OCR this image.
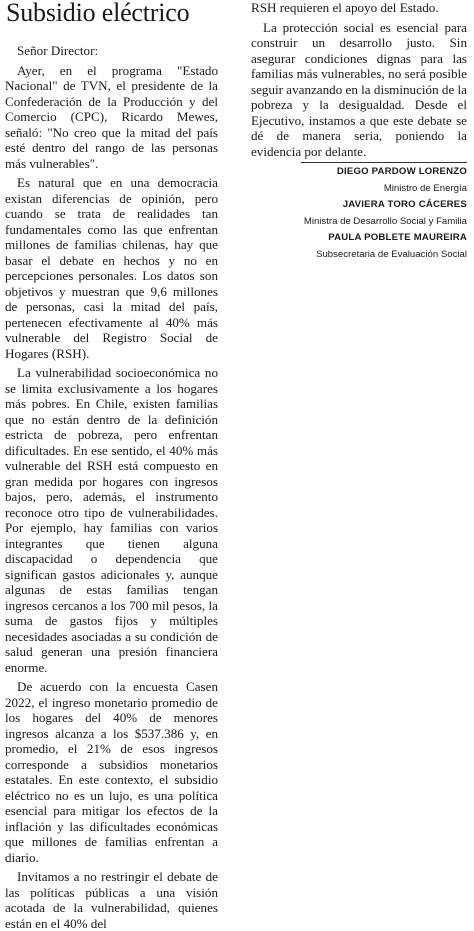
Subsidio eléctrico

Señor Director:

Ayer, en el programa "Estado Nacional" de TVN, el presidente de la Confederación de la Producción y del Comercio (CPC), Ricardo Mewes, señaló: "No creo que la mitad del país esté dentro del rango de las personas más vulnerables".

Es natural que en una democracia existan diferencias de opinión, pero cuando se trata de realidades tan fundamentales como las que enfrentan millones de familias chilenas, hay que basar el debate en hechos y no en percepciones personales. Los datos son objetivos y muestran que 9,6 millones de personas, casi la mitad del país, pertenecen efectivamente al 40% más vulnerable del Registro Social de Hogares (RSH).

La vulnerabilidad socioeconómica no se limita exclusivamente a los hogares más pobres. En Chile, existen familias que no están dentro de la definición estricta de pobreza, pero enfrentan dificultades. En ese sentido, el 40% más vulnerable del RSH está compuesto en gran medida por hogares con ingresos bajos, pero, además, el instrumento reconoce otro tipo de vulnerabilidades. Por ejemplo, hay familias con varios integrantes que tienen alguna discapacidad o dependencia que significan gastos adicionales y, aunque algunas de estas familias tengan ingresos cercanos a los 700 mil pesos, la suma de gastos fijos y múltiples necesidades asociadas a su condición de salud generan una presión financiera enorme.

De acuerdo con la encuesta Casen 2022, el ingreso monetario promedio de los hogares del 40% de menores ingresos alcanza a los $537.386 y, en promedio, el 21% de esos ingresos corresponde a subsidios monetarios estatales. En este contexto, el subsidio eléctrico no es un lujo, es una política esencial para mitigar los efectos de la inflación y las dificultades económicas que millones de familias enfrentan a diario.

Invitamos a no restringir el debate de las políticas públicas a una visión acotada de la vulnerabilidad, quienes están en el 40% del

RSH requieren el apoyo del Estado.

La protección social es esencial para construir un desarrollo justo. Sin asegurar condiciones dignas para las familias más vulnerables, no será posible seguir avanzando en la disminución de la pobreza y la desigualdad. Desde el Ejecutivo, instamos a que este debate se dé de manera seria, poniendo la evidencia por delante.

DIEGO PARDOW LORENZO

Ministro de Energía

JAVIERA TORO CÁCERES

Ministra de Desarrollo Social y Familia

PAULA POBLETE MAUREIRA

Subsecretaria de Evaluación Social
